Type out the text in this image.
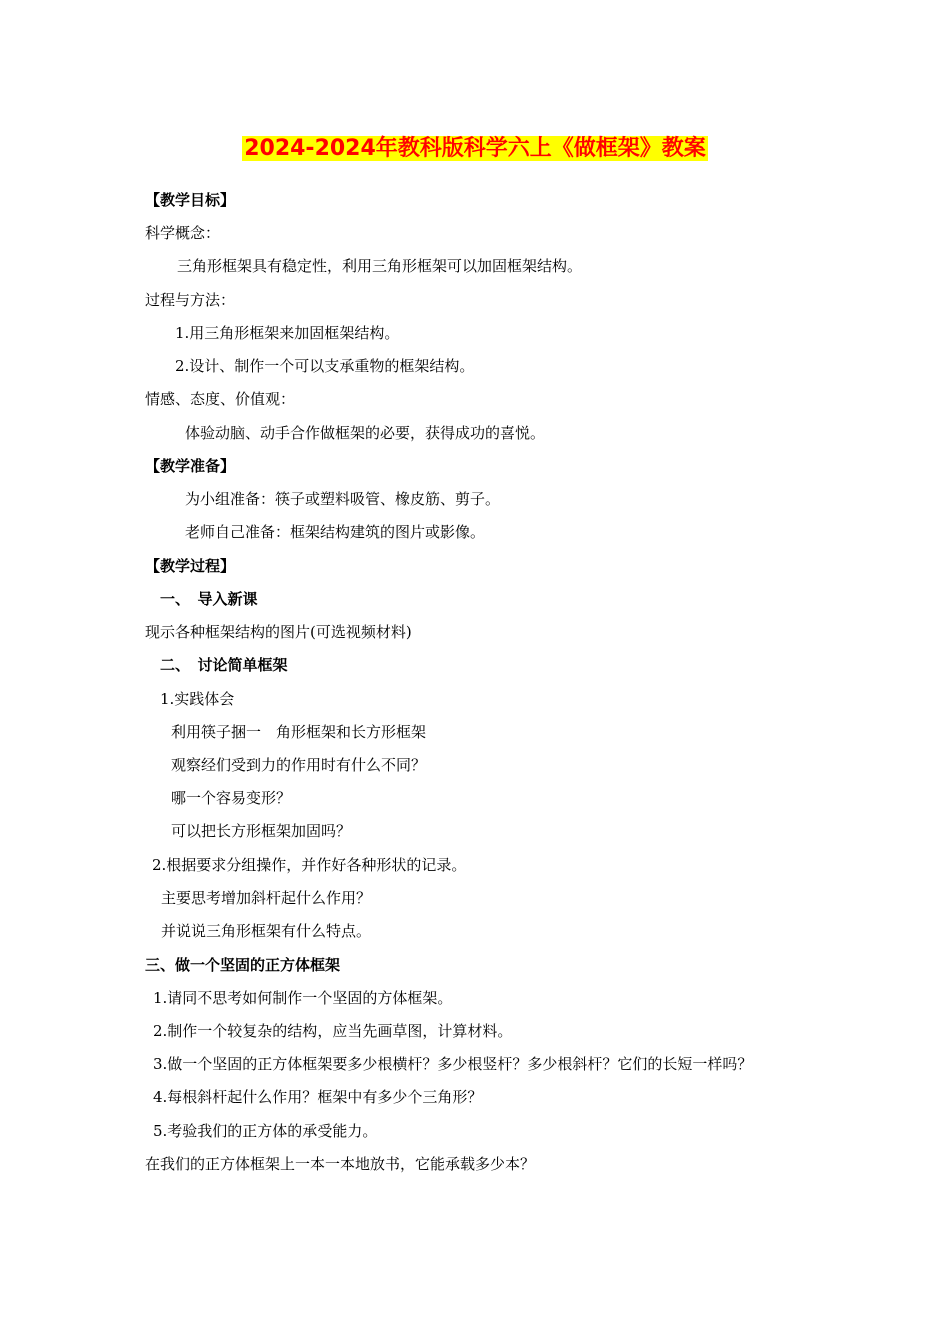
2024-2024年教科版科学六上《做框架》教案
【教学目标】
科学概念：
三角形框架具有稳定性，利用三角形框架可以加固框架结构。
过程与方法：
1.用三角形框架来加固框架结构。
2.设计、制作一个可以支承重物的框架结构。
情感、态度、价值观：
体验动脑、动手合作做框架的必要，获得成功的喜悦。
【教学准备】
为小组准备：筷子或塑料吸管、橡皮筋、剪子。
老师自己准备：框架结构建筑的图片或影像。
【教学过程】
一、　导入新课
现示各种框架结构的图片(可选视频材料)
二、　讨论简单框架
1.实践体会
利用筷子捆一　角形框架和长方形框架
观察经们受到力的作用时有什么不同？
哪一个容易变形？
可以把长方形框架加固吗？
2.根据要求分组操作，并作好各种形状的记录。
主要思考增加斜杆起什么作用？
并说说三角形框架有什么特点。
三、做一个坚固的正方体框架
1.请同不思考如何制作一个坚固的方体框架。
2.制作一个较复杂的结构，应当先画草图，计算材料。
3.做一个坚固的正方体框架要多少根横杆？多少根竖杆？多少根斜杆？它们的长短一样吗？
4.每根斜杆起什么作用？框架中有多少个三角形？
5.考验我们的正方体的承受能力。
在我们的正方体框架上一本一本地放书，它能承载多少本？
